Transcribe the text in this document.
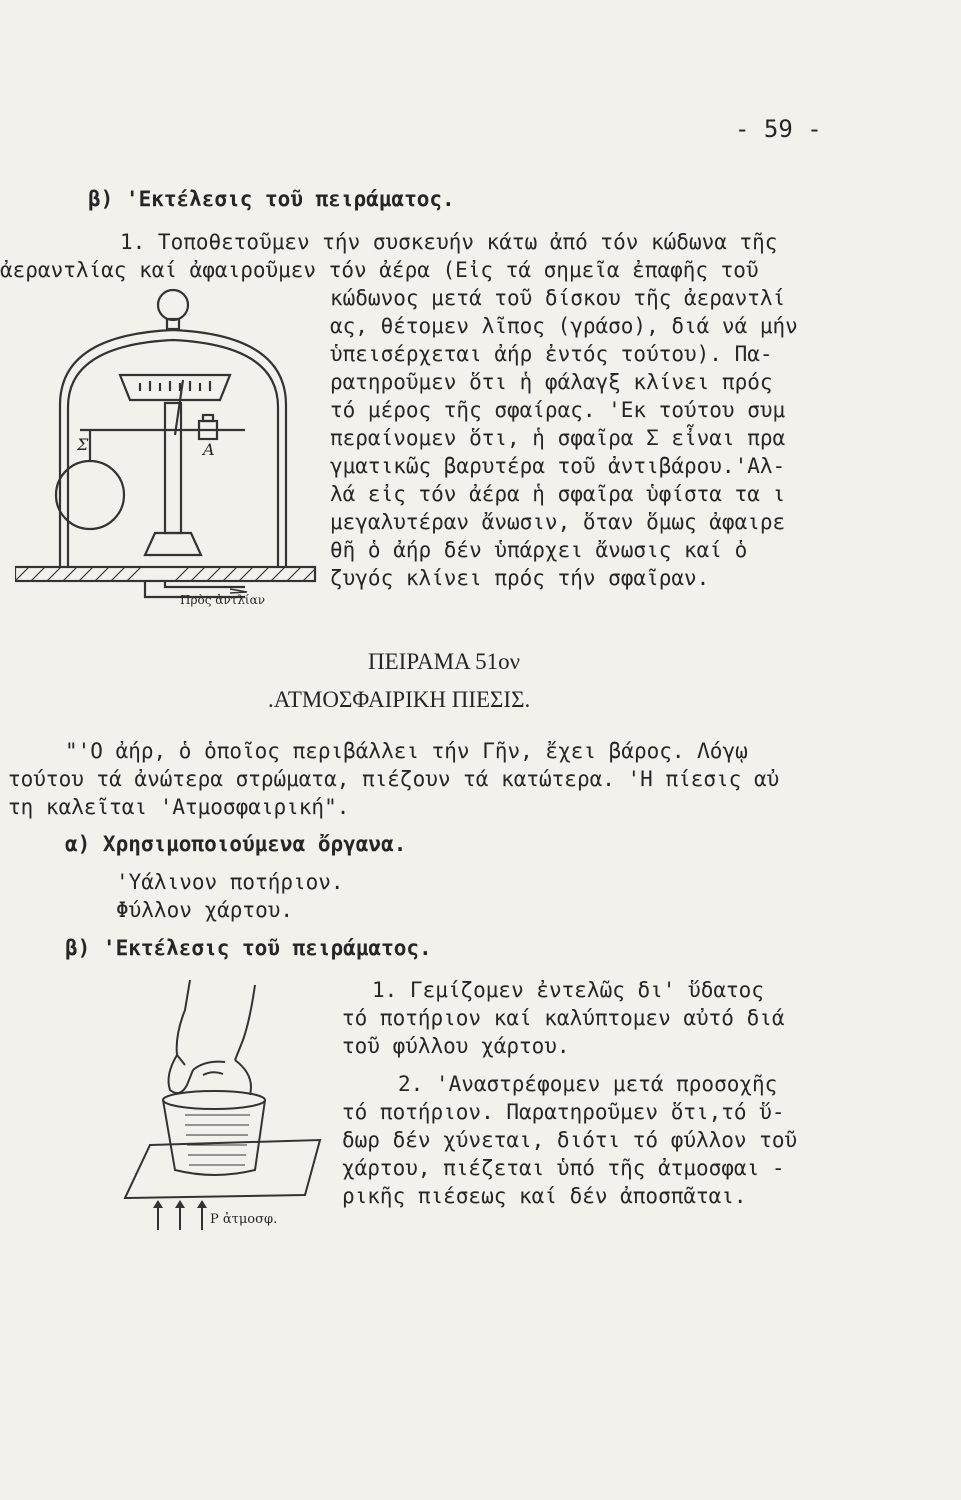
- 59 -
β) 'Εκτέλεσις τοῦ πειράματος.
1. Τοποθετοῦμεν τήν συσκευήν κάτω ἀπό τόν κώδωνα τῆς
ἀεραντλίας καί ἀφαιροῦμεν τόν ἀέρα (Εἰς τά σημεῖα ἐπαφῆς τοῦ
κώδωνος μετά τοῦ δίσκου τῆς ἀεραντλί
ας, θέτομεν λῖπος (γράσο), διά νά μήν
ὑπεισέρχεται ἀήρ ἐντός τούτου). Πα-
ρατηροῦμεν ὅτι ἡ φάλαγξ κλίνει πρός
τό μέρος τῆς σφαίρας. 'Εκ τούτου συμ
περαίνομεν ὅτι, ἡ σφαῖρα Σ εἶναι πρα
γματικῶς βαρυτέρα τοῦ ἀντιβάρου.'Αλ-
λά εἰς τόν ἀέρα ἡ σφαῖρα ὑφίστα τα ι
μεγαλυτέραν ἄνωσιν, ὅταν ὅμως ἀφαιρε
θῆ ὁ ἀήρ δέν ὑπάρχει ἄνωσις καί ὁ
ζυγός κλίνει πρός τήν σφαῖραν.
Σ	A
Πρὸς ἀντλίαν
ΠΕΙΡΑΜΑ 51ον
.ΑΤΜΟΣΦΑΙΡΙΚΗ ΠΙΕΣΙΣ.
"'Ο ἀήρ, ὁ ὁποῖος περιβάλλει τήν Γῆν, ἔχει βάρος. Λόγῳ
τούτου τά ἀνώτερα στρώματα, πιέζουν τά κατώτερα. 'Η πίεσις αὐ
τη καλεῖται 'Ατμοσφαιρική".
α) Χρησιμοποιούμενα ὄργανα.
'Υάλινον ποτήριον.
Φύλλον χάρτου.
β) 'Εκτέλεσις τοῦ πειράματος.
1. Γεμίζομεν ἐντελῶς δι' ὕδατος
τό ποτήριον καί καλύπτομεν αὐτό διά
τοῦ φύλλου χάρτου.
2. 'Αναστρέφομεν μετά προσοχῆς
τό ποτήριον. Παρατηροῦμεν ὅτι,τό ὕ-
δωρ δέν χύνεται, διότι τό φύλλον τοῦ
χάρτου, πιέζεται ὑπό τῆς ἀτμοσφαι -
ρικῆς πιέσεως καί δέν ἀποσπᾶται.
P ἀτμοσφ.
